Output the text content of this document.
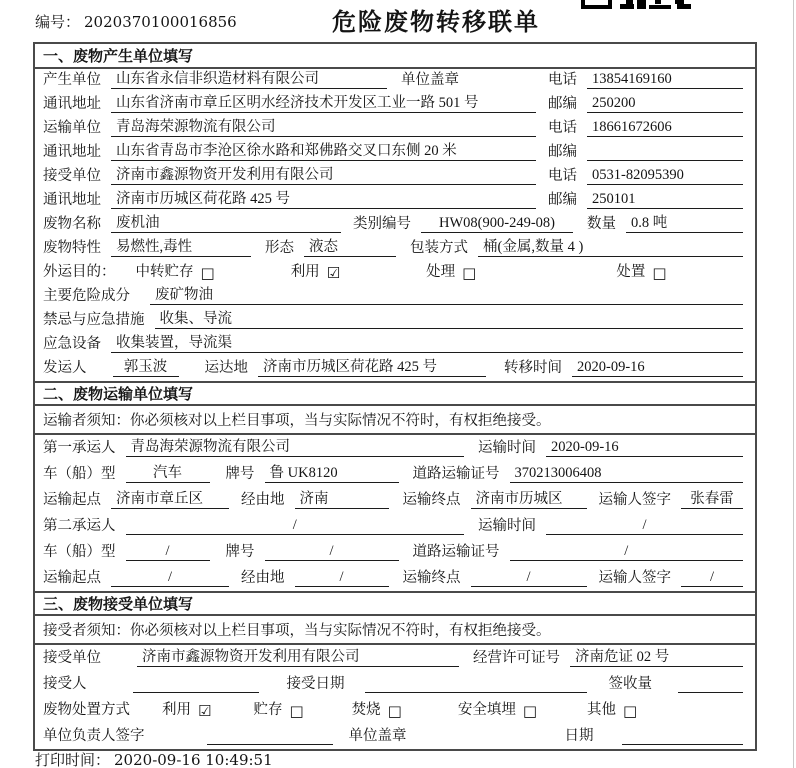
编号： 2020370100016856	危险废物转移联单
一、废物产生单位填写
产生单位	山东省永信非织造材料有限公司	单位盖章	电话	13854169160
通讯地址	山东省济南市章丘区明水经济技术开发区工业一路 501 号	邮编	250200
运输单位	青岛海荣源物流有限公司	电话	18661672606
通讯地址	山东省青岛市李沧区徐水路和郑佛路交叉口东侧 20 米	邮编
接受单位	济南市鑫源物资开发利用有限公司	电话	0531-82095390
通讯地址	济南市历城区荷花路 425 号	邮编	250101
废物名称	废机油	类别编号	HW08(900-249-08)	数量	0.8 吨
废物特性	易燃性,毒性	形态	液态	包装方式	桶(金属,数量 4 )
外运目的： 中转贮存 □	利用 ☑	处理 □	处置 □
主要危险成分	废矿物油
禁忌与应急措施	收集、导流
应急设备	收集装置，导流渠
发运人	郭玉波	运达地	济南市历城区荷花路 425 号	转移时间	2020-09-16
二、废物运输单位填写
运输者须知： 你必须核对以上栏目事项，当与实际情况不符时，有权拒绝接受。
第一承运人	青岛海荣源物流有限公司	运输时间	2020-09-16
车（船）型	汽车	牌号	鲁 UK8120	道路运输证号	370213006408
运输起点	济南市章丘区	经由地	济南	运输终点	济南市历城区	运输人签字	张春雷
第二承运人	/	运输时间	/
车（船）型	/	牌号	/	道路运输证号	/
运输起点	/	经由地	/	运输终点	/	运输人签字	/
三、废物接受单位填写
接受者须知： 你必须核对以上栏目事项，当与实际情况不符时，有权拒绝接受。
接受单位	济南市鑫源物资开发利用有限公司	经营许可证号	济南危证 02 号
接受人	接受日期	签收量
废物处置方式 利用 ☑	贮存 □	焚烧 □	安全填埋 □	其他 □
单位负责人签字	单位盖章	日期
打印时间： 2020-09-16 10:49:51
